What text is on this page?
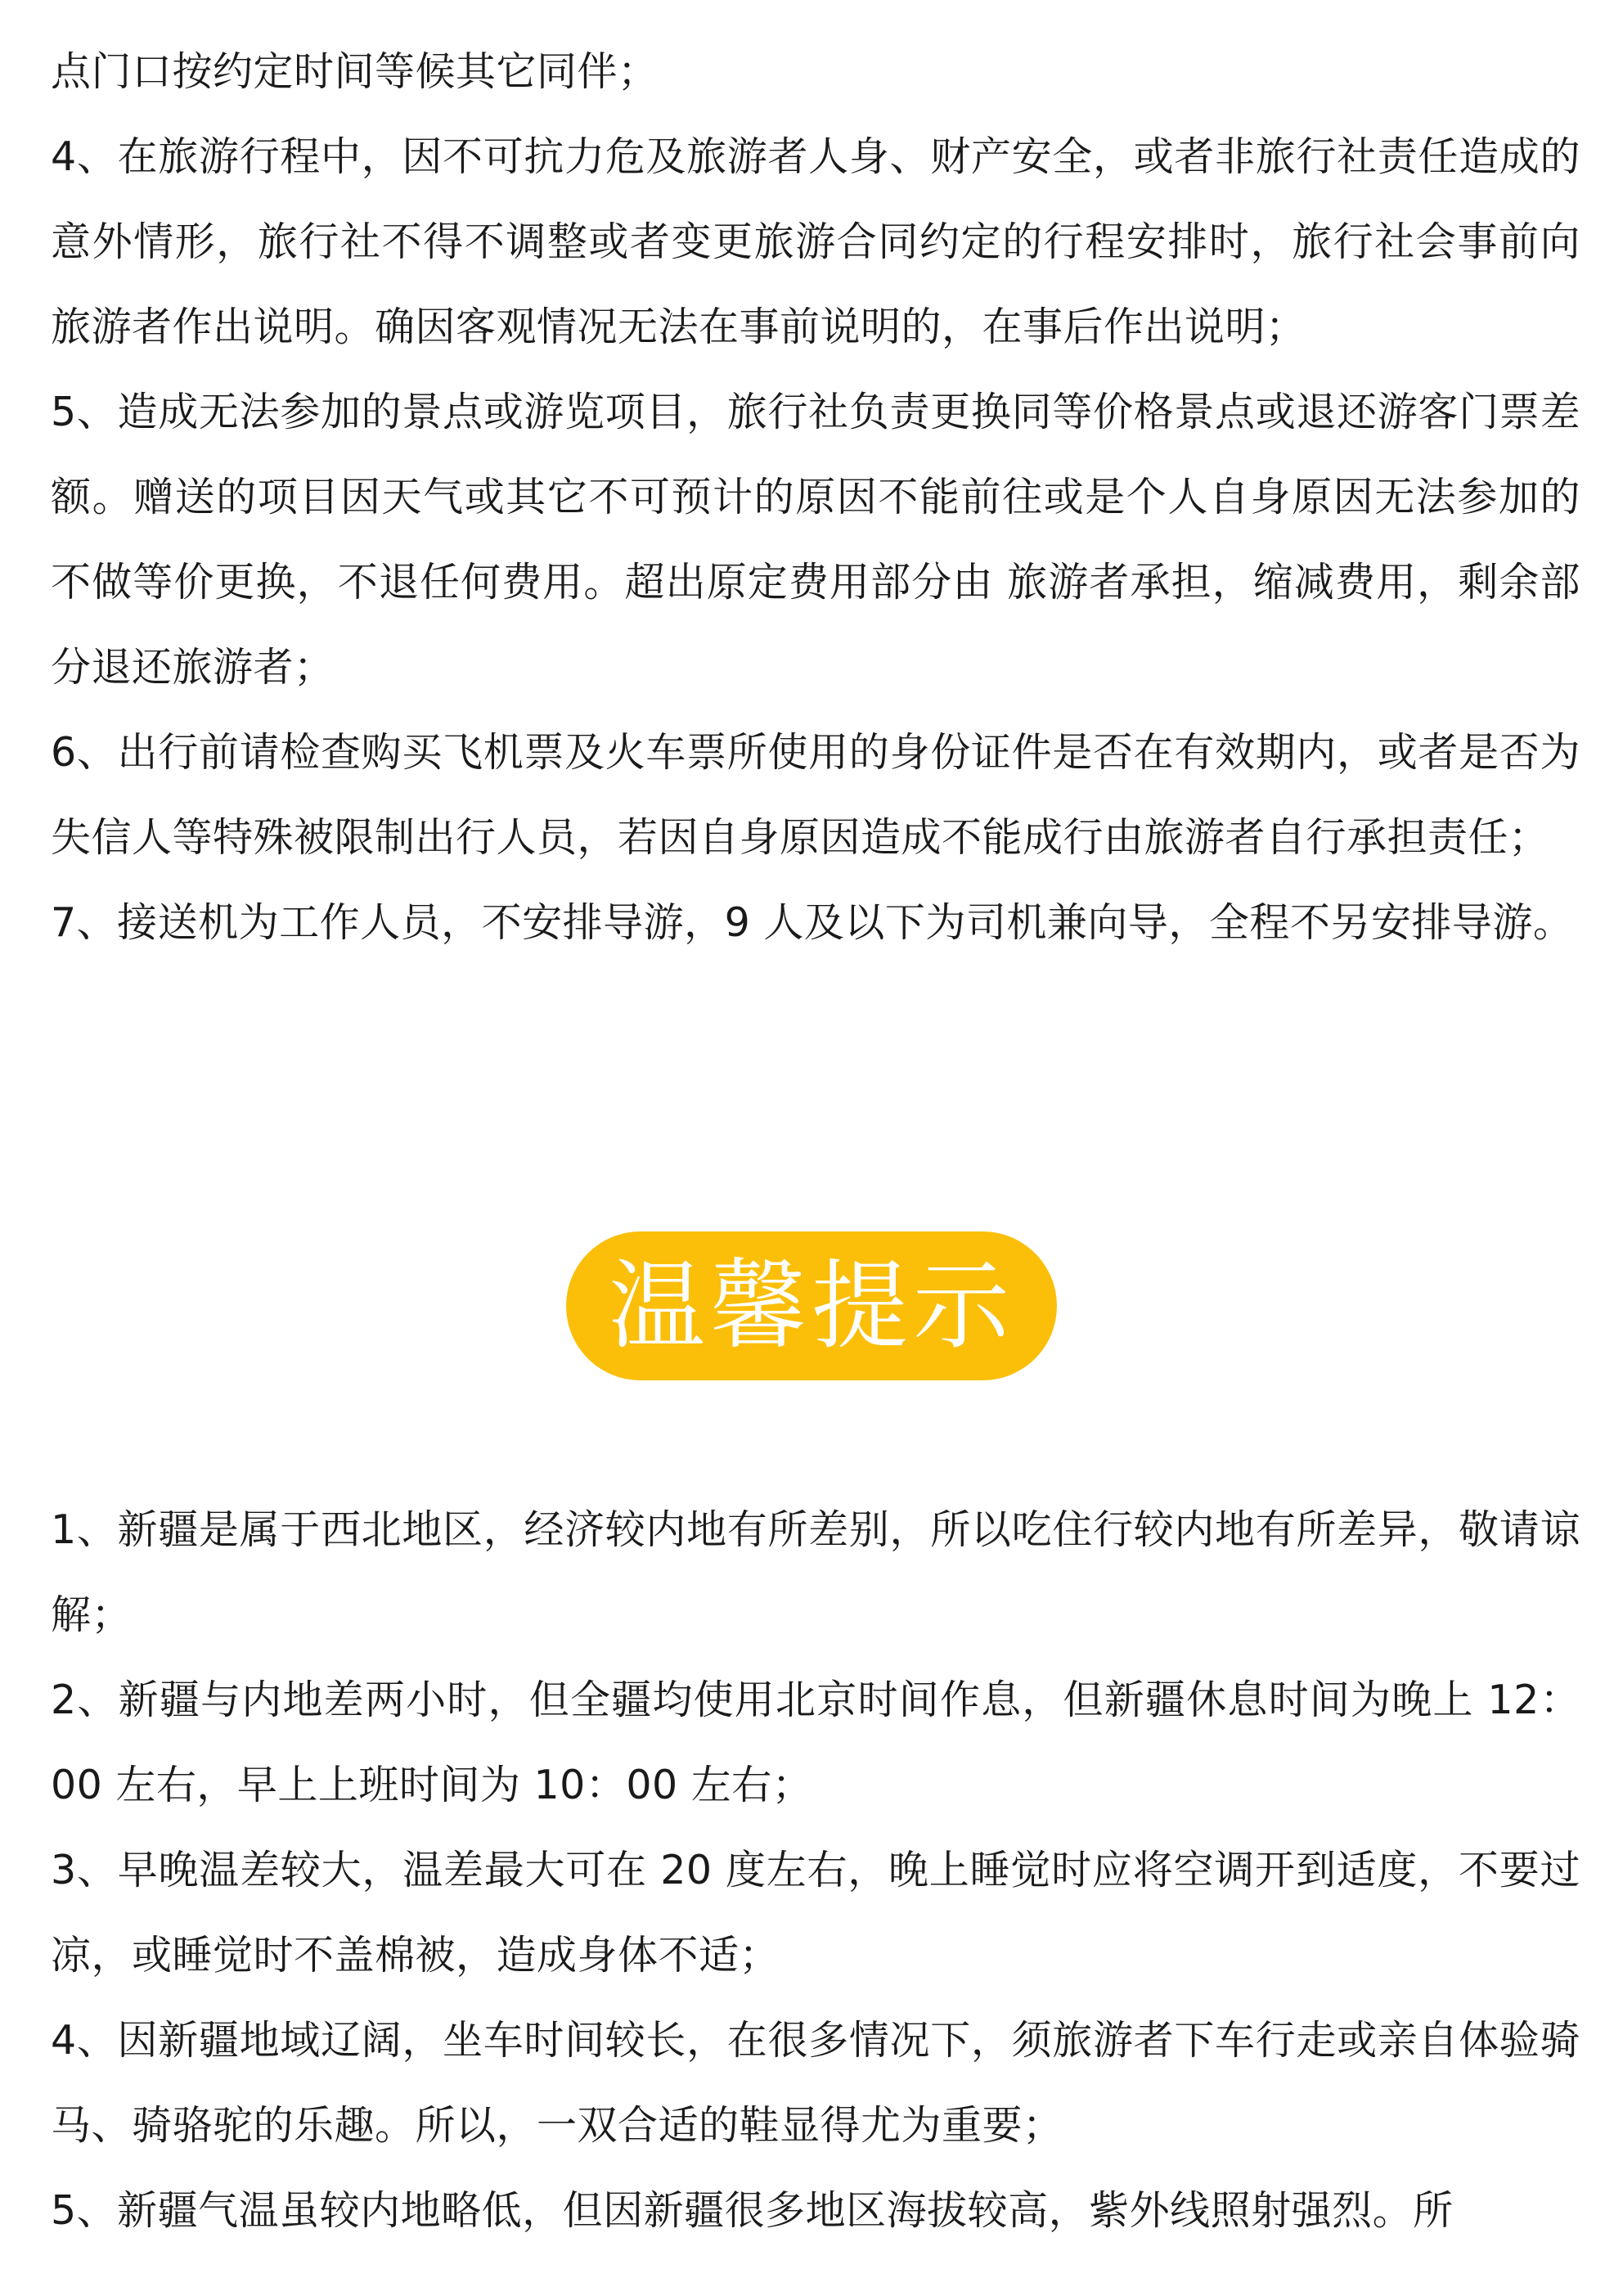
点门口按约定时间等候其它同伴；

4、在旅游行程中，因不可抗力危及旅游者人身、财产安全，或者非旅行社责任造成的意外情形，旅行社不得不调整或者变更旅游合同约定的行程安排时，旅行社会事前向旅游者作出说明。确因客观情况无法在事前说明的，在事后作出说明；

5、造成无法参加的景点或游览项目，旅行社负责更换同等价格景点或退还游客门票差额。赠送的项目因天气或其它不可预计的原因不能前往或是个人自身原因无法参加的不做等价更换，不退任何费用。超出原定费用部分由 旅游者承担，缩减费用，剩余部分退还旅游者；

6、出行前请检查购买飞机票及火车票所使用的身份证件是否在有效期内，或者是否为失信人等特殊被限制出行人员，若因自身原因造成不能成行由旅游者自行承担责任；

7、接送机为工作人员，不安排导游，9 人及以下为司机兼向导，全程不另安排导游。

温馨提示

1、新疆是属于西北地区，经济较内地有所差别，所以吃住行较内地有所差异，敬请谅解；

2、新疆与内地差两小时，但全疆均使用北京时间作息，但新疆休息时间为晚上 12：00 左右，早上上班时间为 10：00 左右；

3、早晚温差较大，温差最大可在 20 度左右，晚上睡觉时应将空调开到适度，不要过凉，或睡觉时不盖棉被，造成身体不适；

4、因新疆地域辽阔，坐车时间较长，在很多情况下，须旅游者下车行走或亲自体验骑马、骑骆驼的乐趣。所以，一双合适的鞋显得尤为重要；

5、新疆气温虽较内地略低，但因新疆很多地区海拔较高，紫外线照射强烈。所
